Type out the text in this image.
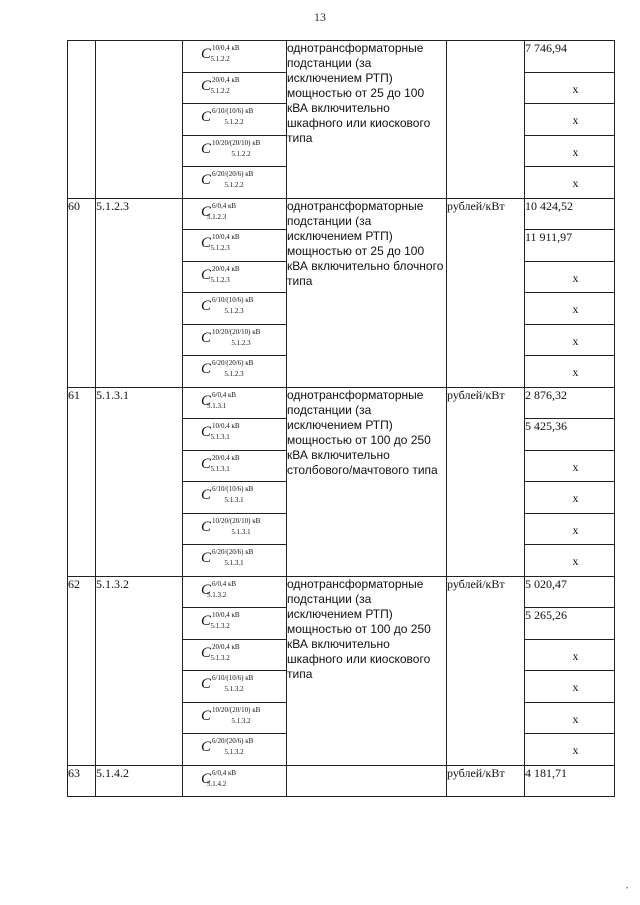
13

		$C^{10/0,4 кВ}_{5.1.2.2}$	однотрансформаторные подстанции (за исключением РТП) мощностью от 25 до 100 кВА включительно шкафного или киоскового типа		7 746,94

		$C^{20/0,4 кВ}_{5.1.2.2}$			x

		$C^{6/10/(10/6) кВ}_{5.1.2.2}$			x

		$C^{10/20/(20/10) кВ}_{5.1.2.2}$			x

		$C^{6/20/(20/6) кВ}_{5.1.2.2}$			x
60	5.1.2.3	$C^{6/0,4 кВ}_{5.1.2.3}$	однотрансформаторные подстанции (за исключением РТП) мощностью от 25 до 100 кВА включительно блочного типа	рублей/кВт	10 424,52

		$C^{10/0,4 кВ}_{5.1.2.3}$			11 911,97

		$C^{20/0,4 кВ}_{5.1.2.3}$			x

		$C^{6/10/(10/6) кВ}_{5.1.2.3}$			x

		$C^{10/20/(20/10) кВ}_{5.1.2.3}$			x

		$C^{6/20/(20/6) кВ}_{5.1.2.3}$			x
61	5.1.3.1	$C^{6/0,4 кВ}_{5.1.3.1}$	однотрансформаторные подстанции (за исключением РТП) мощностью от 100 до 250 кВА включительно столбового/мачтового типа	рублей/кВт	2 876,32

		$C^{10/0,4 кВ}_{5.1.3.1}$			5 425,36

		$C^{20/0,4 кВ}_{5.1.3.1}$			x

		$C^{6/10/(10/6) кВ}_{5.1.3.1}$			x

		$C^{10/20/(20/10) кВ}_{5.1.3.1}$			x

		$C^{6/20/(20/6) кВ}_{5.1.3.1}$			x
62	5.1.3.2	$C^{6/0,4 кВ}_{5.1.3.2}$	однотрансформаторные подстанции (за исключением РТП) мощностью от 100 до 250 кВА включительно шкафного или киоскового типа	рублей/кВт	5 020,47

		$C^{10/0,4 кВ}_{5.1.3.2}$			5 265,26

		$C^{20/0,4 кВ}_{5.1.3.2}$			x

		$C^{6/10/(10/6) кВ}_{5.1.3.2}$			x

		$C^{10/20/(20/10) кВ}_{5.1.3.2}$			x

		$C^{6/20/(20/6) кВ}_{5.1.3.2}$			x
63	5.1.4.2	$C^{6/0,4 кВ}_{5.1.4.2}$		рублей/кВт	4 181,71
•
